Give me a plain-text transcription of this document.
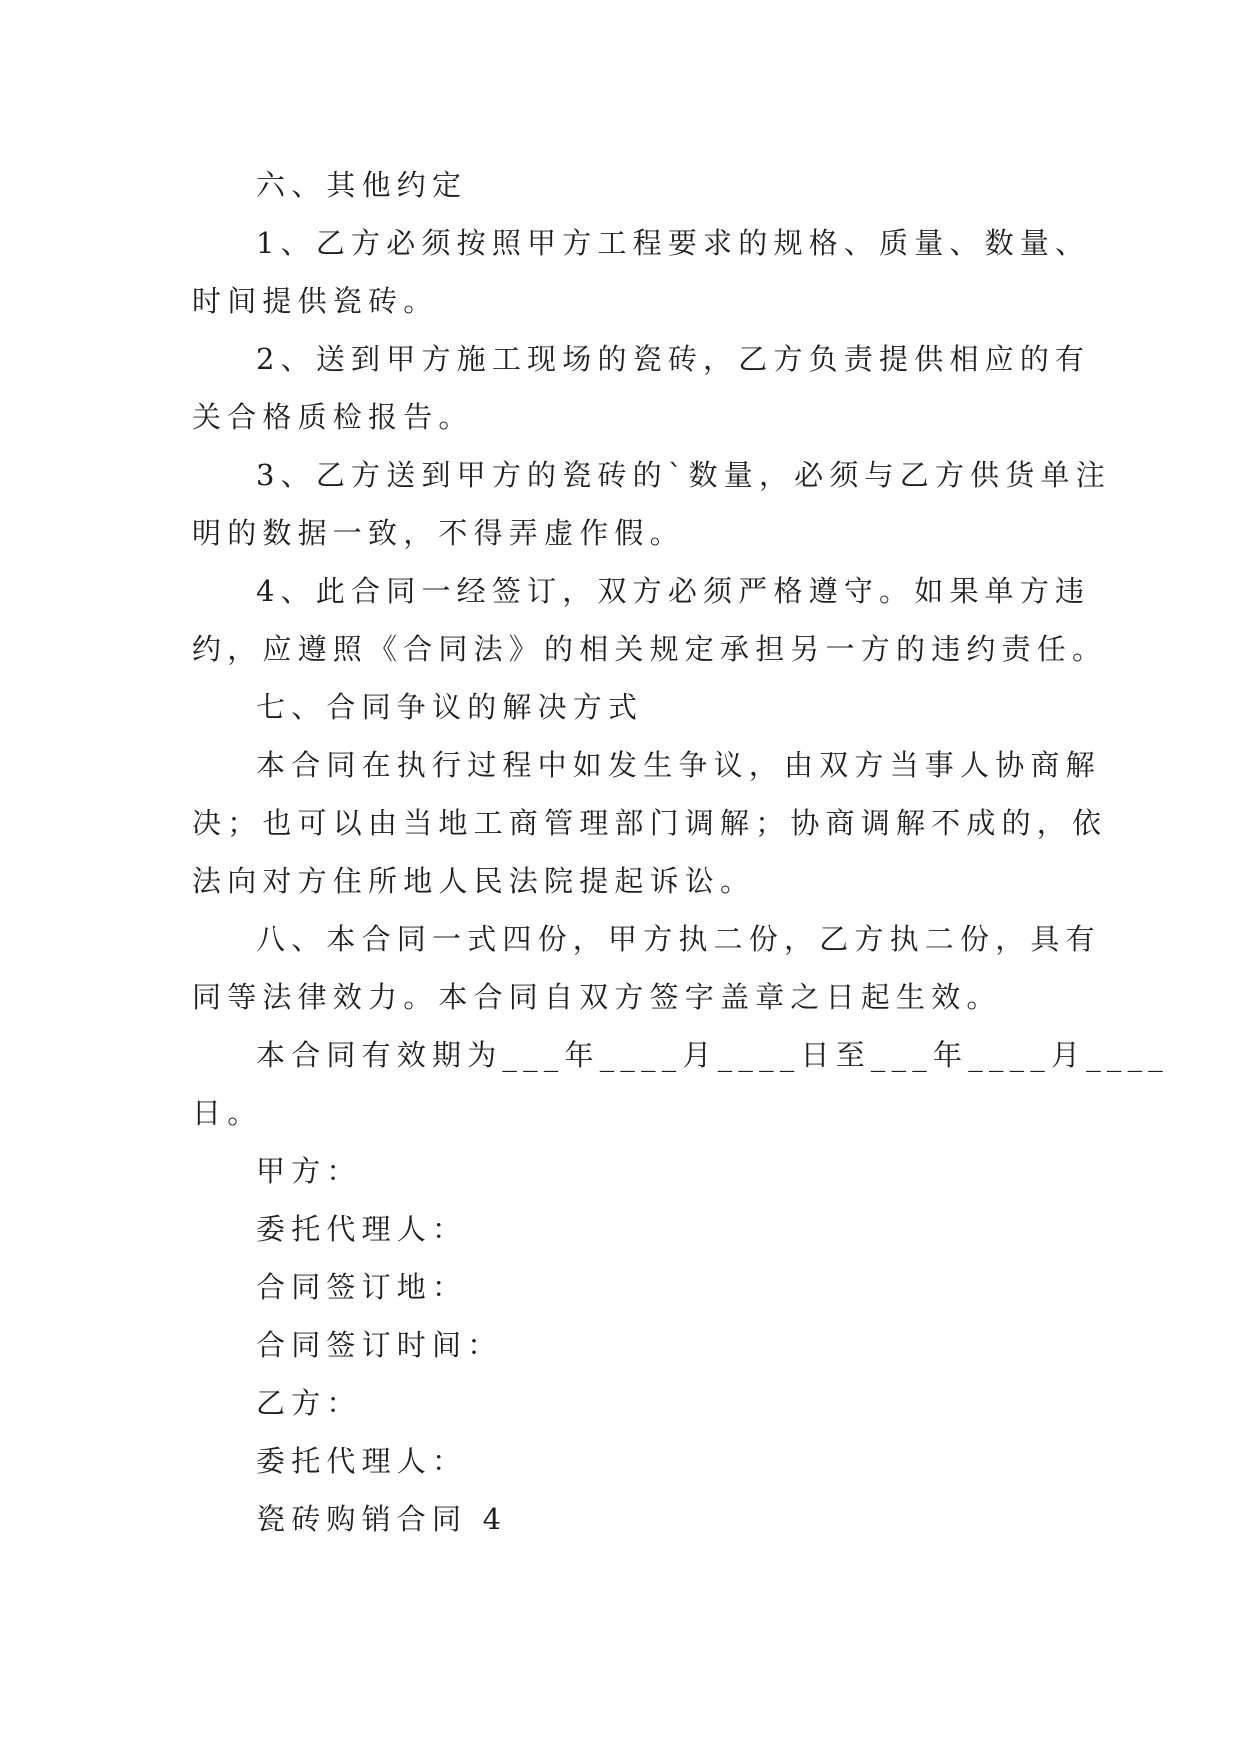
六、其他约定
1、乙方必须按照甲方工程要求的规格、质量、数量、
时间提供瓷砖。
2、送到甲方施工现场的瓷砖，乙方负责提供相应的有
关合格质检报告。
3、乙方送到甲方的瓷砖的`数量，必须与乙方供货单注
明的数据一致，不得弄虚作假。
4、此合同一经签订，双方必须严格遵守。如果单方违
约，应遵照《合同法》的相关规定承担另一方的违约责任。
七、合同争议的解决方式
本合同在执行过程中如发生争议，由双方当事人协商解
决；也可以由当地工商管理部门调解；协商调解不成的，依
法向对方住所地人民法院提起诉讼。
八、本合同一式四份，甲方执二份，乙方执二份，具有
同等法律效力。本合同自双方签字盖章之日起生效。
本合同有效期为___年____月____日至___年____月____
日。
甲方：
委托代理人：
合同签订地：
合同签订时间：
乙方：
委托代理人：
瓷砖购销合同 4
